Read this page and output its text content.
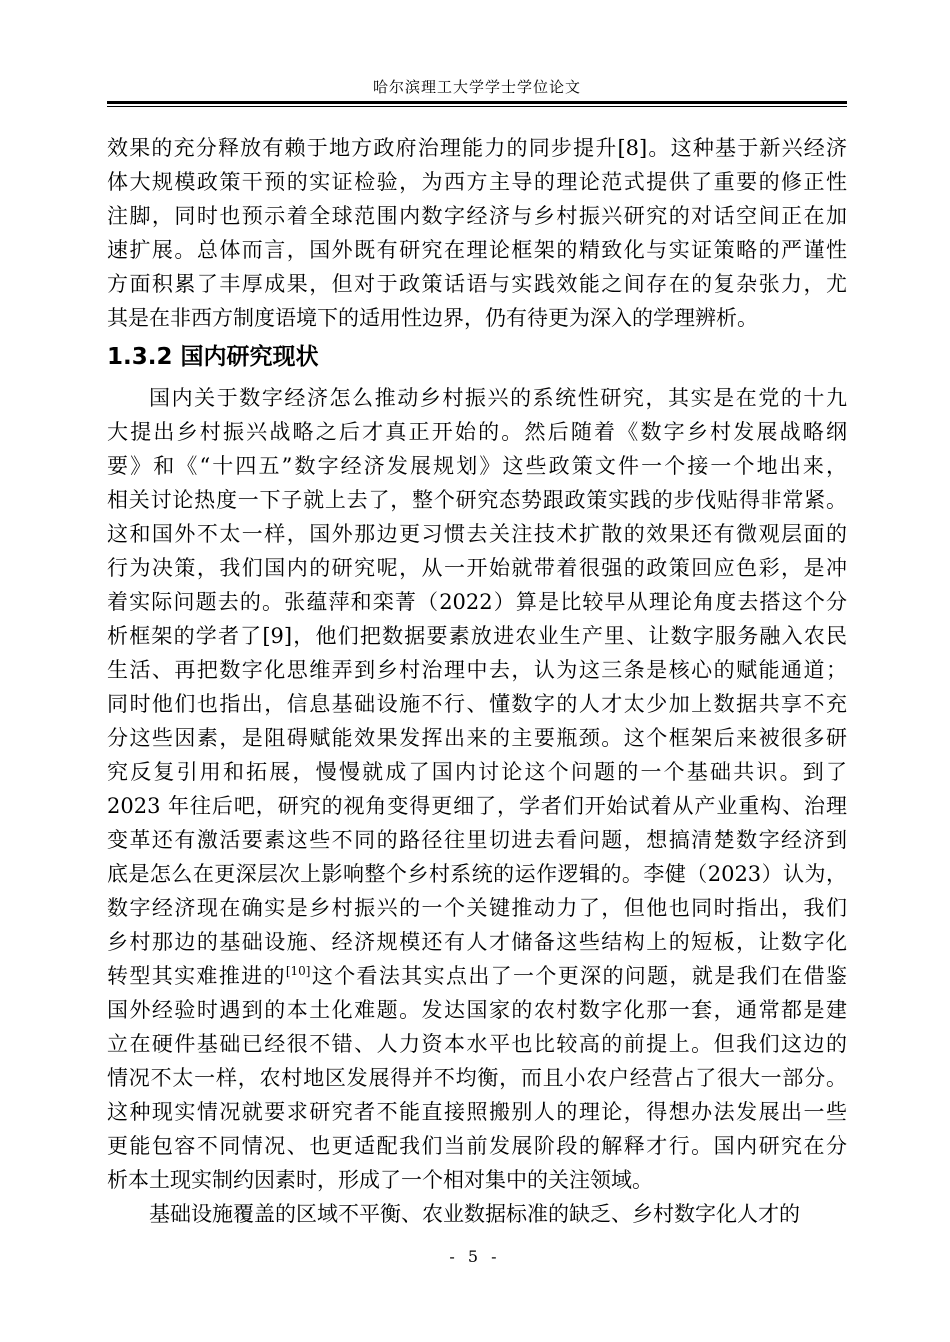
哈尔滨理工大学学士学位论文
效果的充分释放有赖于地方政府治理能力的同步提升[8]。这种基于新兴经济
体大规模政策干预的实证检验，为西方主导的理论范式提供了重要的修正性
注脚，同时也预示着全球范围内数字经济与乡村振兴研究的对话空间正在加
速扩展。总体而言，国外既有研究在理论框架的精致化与实证策略的严谨性
方面积累了丰厚成果，但对于政策话语与实践效能之间存在的复杂张力，尤
其是在非西方制度语境下的适用性边界，仍有待更为深入的学理辨析。
1.3.2 国内研究现状
国内关于数字经济怎么推动乡村振兴的系统性研究，其实是在党的十九
大提出乡村振兴战略之后才真正开始的。然后随着《数字乡村发展战略纲
要》和《“十四五”数字经济发展规划》这些政策文件一个接一个地出来，
相关讨论热度一下子就上去了，整个研究态势跟政策实践的步伐贴得非常紧。
这和国外不太一样，国外那边更习惯去关注技术扩散的效果还有微观层面的
行为决策，我们国内的研究呢，从一开始就带着很强的政策回应色彩，是冲
着实际问题去的。张蕴萍和栾菁（2022）算是比较早从理论角度去搭这个分
析框架的学者了[9]，他们把数据要素放进农业生产里、让数字服务融入农民
生活、再把数字化思维弄到乡村治理中去，认为这三条是核心的赋能通道；
同时他们也指出，信息基础设施不行、懂数字的人才太少加上数据共享不充
分这些因素，是阻碍赋能效果发挥出来的主要瓶颈。这个框架后来被很多研
究反复引用和拓展，慢慢就成了国内讨论这个问题的一个基础共识。到了
2023 年往后吧，研究的视角变得更细了，学者们开始试着从产业重构、治理
变革还有激活要素这些不同的路径往里切进去看问题，想搞清楚数字经济到
底是怎么在更深层次上影响整个乡村系统的运作逻辑的。李健（2023）认为，
数字经济现在确实是乡村振兴的一个关键推动力了，但他也同时指出，我们
乡村那边的基础设施、经济规模还有人才储备这些结构上的短板，让数字化
转型其实难推进的[10]这个看法其实点出了一个更深的问题，就是我们在借鉴
国外经验时遇到的本土化难题。发达国家的农村数字化那一套，通常都是建
立在硬件基础已经很不错、人力资本水平也比较高的前提上。但我们这边的
情况不太一样，农村地区发展得并不均衡，而且小农户经营占了很大一部分。
这种现实情况就要求研究者不能直接照搬别人的理论，得想办法发展出一些
更能包容不同情况、也更适配我们当前发展阶段的解释才行。国内研究在分
析本土现实制约因素时，形成了一个相对集中的关注领域。
基础设施覆盖的区域不平衡、农业数据标准的缺乏、乡村数字化人才的
- 5 -
